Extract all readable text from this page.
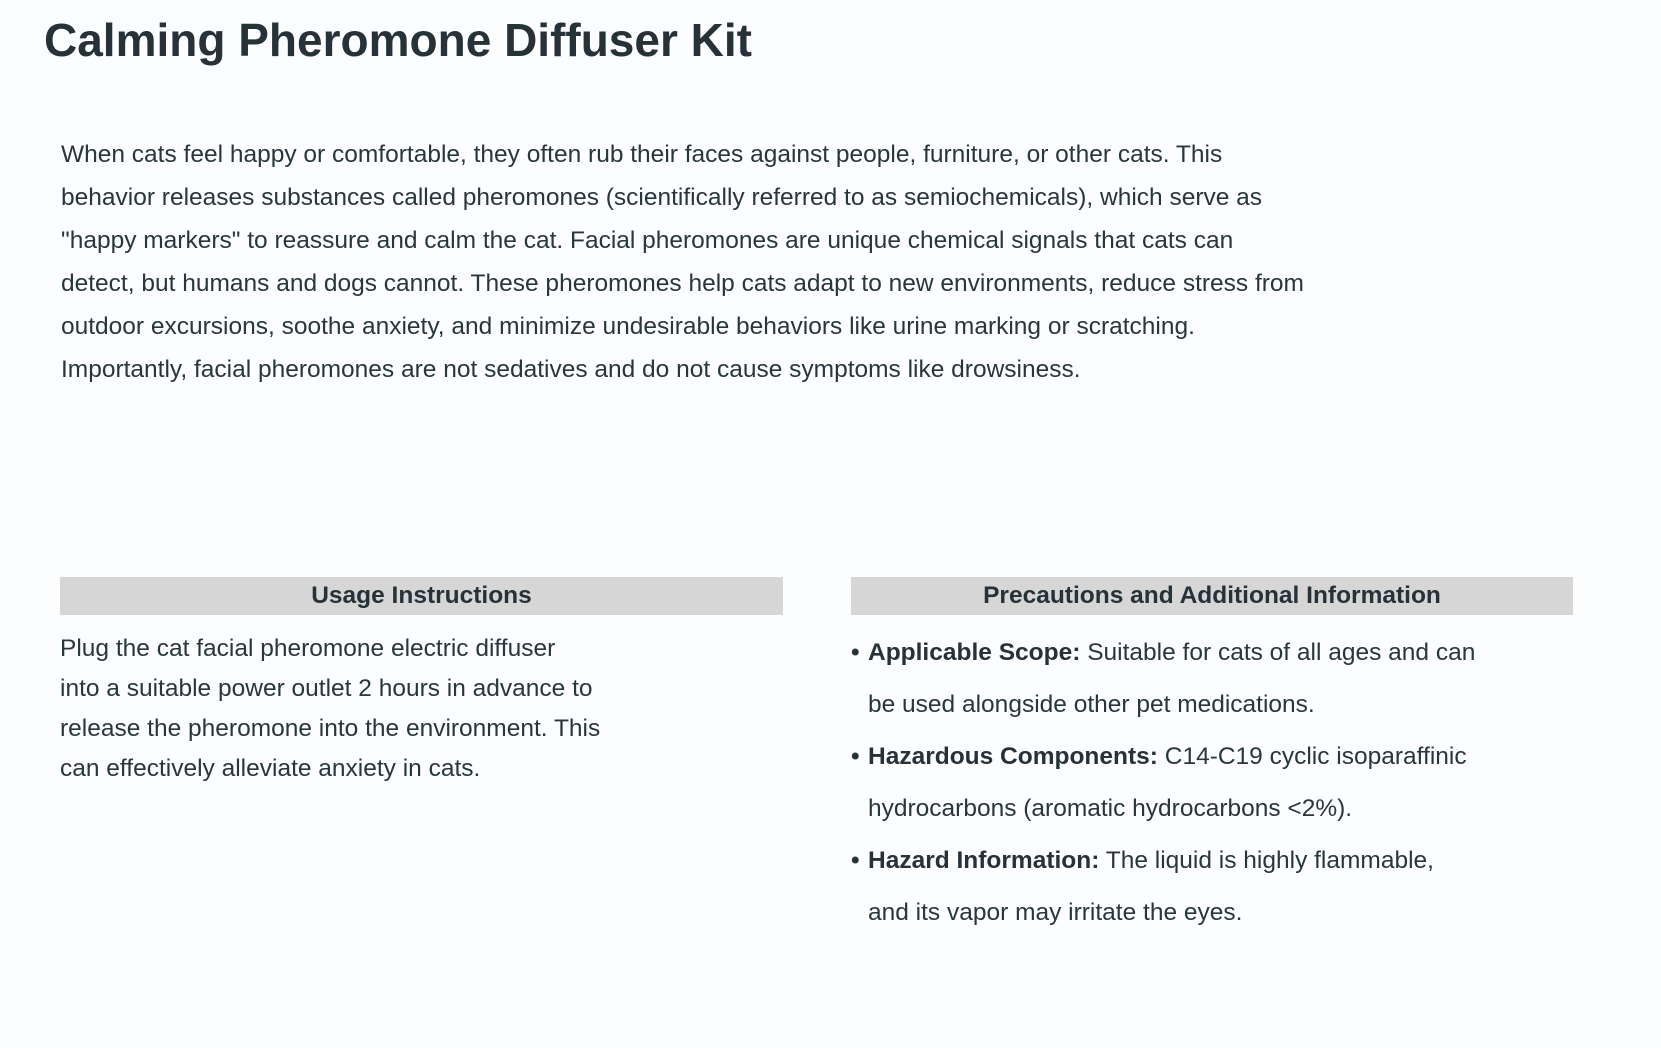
Calming Pheromone Diffuser Kit

When cats feel happy or comfortable, they often rub their faces against people, furniture, or other cats. This
behavior releases substances called pheromones (scientifically referred to as semiochemicals), which serve as
"happy markers" to reassure and calm the cat. Facial pheromones are unique chemical signals that cats can
detect, but humans and dogs cannot. These pheromones help cats adapt to new environments, reduce stress from
outdoor excursions, soothe anxiety, and minimize undesirable behaviors like urine marking or scratching.
Importantly, facial pheromones are not sedatives and do not cause symptoms like drowsiness.

Usage Instructions

Plug the cat facial pheromone electric diffuser
into a suitable power outlet 2 hours in advance to
release the pheromone into the environment. This
can effectively alleviate anxiety in cats.

Precautions and Additional Information
• Applicable Scope: Suitable for cats of all ages and can
be used alongside other pet medications.
• Hazardous Components: C14-C19 cyclic isoparaffinic
hydrocarbons (aromatic hydrocarbons <2%).
• Hazard Information: The liquid is highly flammable,
and its vapor may irritate the eyes.
